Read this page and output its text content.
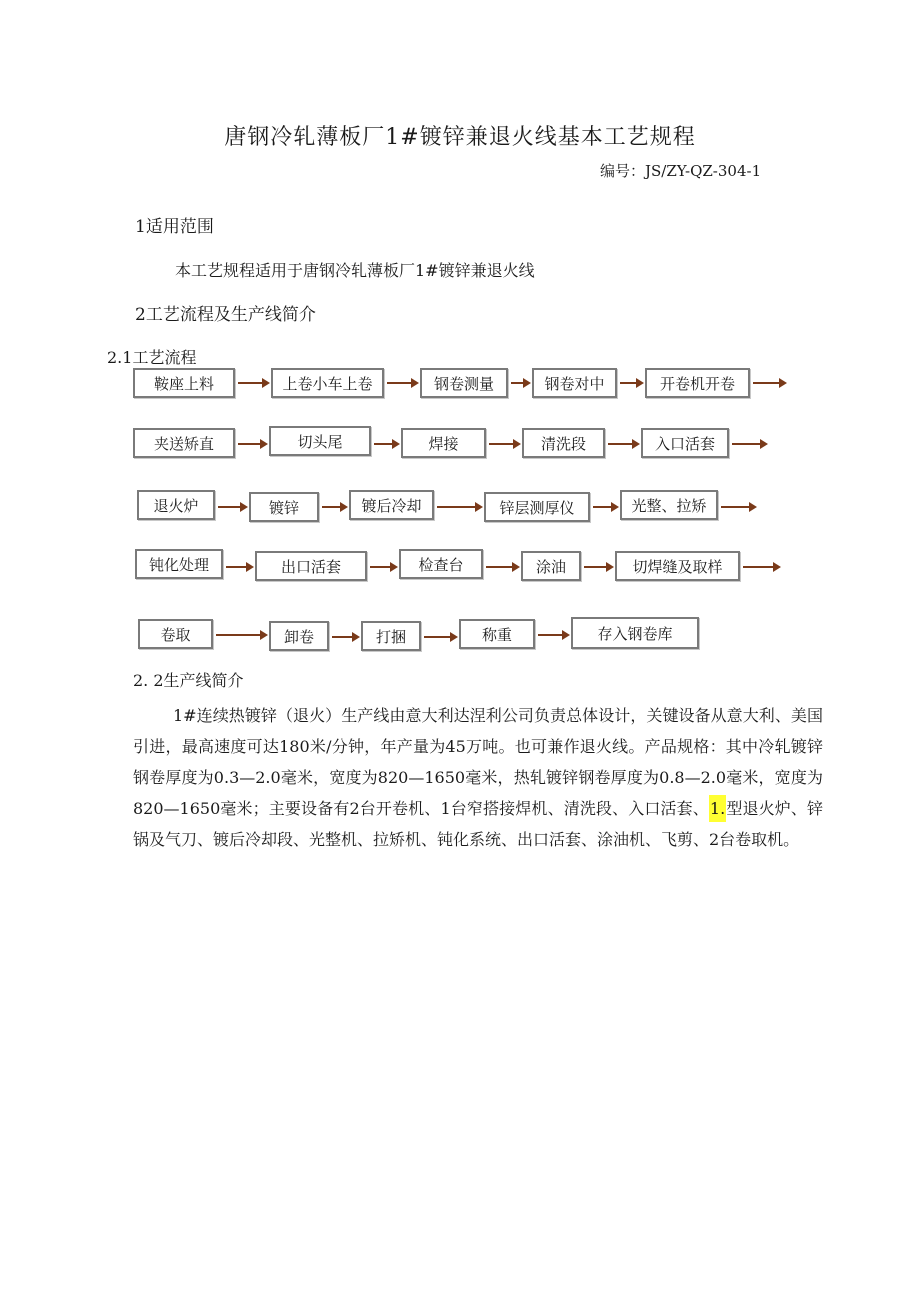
唐钢冷轧薄板厂1#镀锌兼退火线基本工艺规程
编号：JS/ZY-QZ-304-1
1适用范围
本工艺规程适用于唐钢冷轧薄板厂1#镀锌兼退火线
2工艺流程及生产线简介
2.1工艺流程
鞍座上料	上卷小车上卷	钢卷测量	钢卷对中	开卷机开卷
夹送矫直	切头尾	焊接	清洗段	入口活套
退火炉	镀锌	镀后冷却	锌层测厚仪	光整、拉矫
钝化处理	出口活套	检查台	涂油	切焊缝及取样
卷取	卸卷	打捆	称重	存入钢卷库
2. 2生产线简介
1#连续热镀锌（退火）生产线由意大利达涅利公司负责总体设计，关键设备从意大利、美国引进，最高速度可达180米/分钟，年产量为45万吨。也可兼作退火线。产品规格：其中冷轧镀锌钢卷厚度为0.3—2.0毫米，宽度为820—1650毫米，热轧镀锌钢卷厚度为0.8—2.0毫米，宽度为820—1650毫米；主要设备有2台开卷机、1台窄搭接焊机、清洗段、入口活套、1.型退火炉、锌锅及气刀、镀后冷却段、光整机、拉矫机、钝化系统、出口活套、涂油机、飞剪、2台卷取机。
